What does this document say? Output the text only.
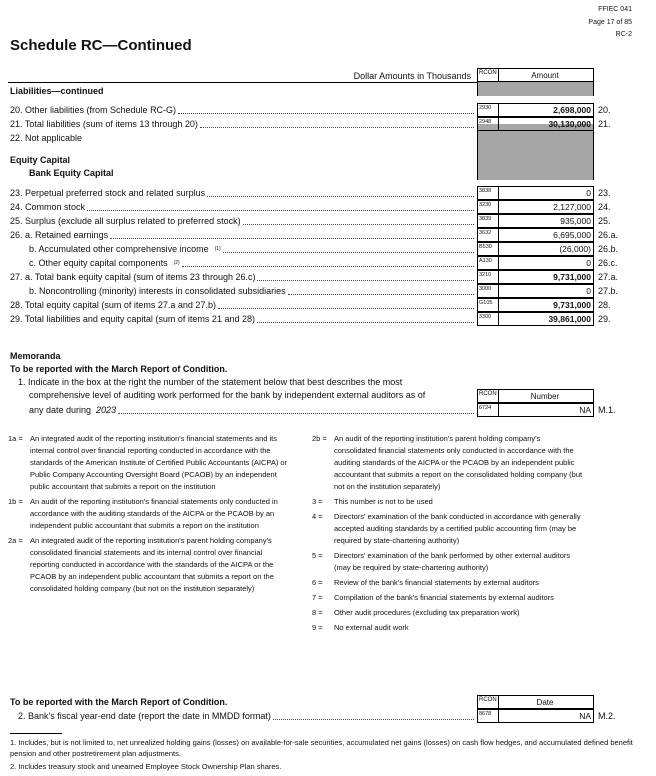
FFIEC 041
Page 17 of 85
RC-2
Schedule RC—Continued
Dollar Amounts in Thousands	RCON	Amount
Liabilities—continued
Equity Capital
Bank Equity Capital
20. Other liabilities (from Schedule RC-G)	2930	2,698,000 20.
21. Total liabilities (sum of items 13 through 20)	2948	30,130,000 21.
22. Not applicable
23. Perpetual preferred stock and related surplus	3838	0 23.
24. Common stock	3230	2,127,000 24.
25. Surplus (exclude all surplus related to preferred stock)	3839	935,000 25.
26. a. Retained earnings	3632	6,695,000 26.a.
b. Accumulated other comprehensive income	(1)	B530	(26,000) 26.b.
c. Other equity capital components	(2)	A130	0 26.c.
27. a. Total bank equity capital (sum of items 23 through 26.c)	3210	9,731,000 27.a.
b. Noncontrolling (minority) interests in consolidated subsidiaries	3000	0 27.b.
28. Total equity capital (sum of items 27.a and 27.b)	G105	9,731,000 28.
29. Total liabilities and equity capital (sum of items 21 and 28)	3300	39,861,000 29.
Memoranda
To be reported with the March Report of Condition.
1. Indicate in the box at the right the number of the statement below that best describes the most
comprehensive level of auditing work performed for the bank by independent external auditors as of
any date during 2023
RCON	Number
6724	NA M.1.
1a = An integrated audit of the reporting institution's financial statements and its internal control over financial reporting conducted in accordance with the standards of the American Institute of Certified Public Accountants (AICPA) or Public Company Accounting Oversight Board (PCAOB) by an independent public accountant that submits a report on the institution
1b = An audit of the reporting institution's financial statements only conducted in accordance with the auditing standards of the AICPA or the PCAOB by an independent public accountant that submits a report on the institution
2a = An integrated audit of the reporting institution's parent holding company's consolidated financial statements and its internal control over financial reporting conducted in accordance with the standards of the AICPA or the PCAOB by an independent public accountant that submits a report on the consolidated holding company (but not on the institution separately)
2b = An audit of the reporting institution's parent holding company's consolidated financial statements only conducted in accordance with the auditing standards of the AICPA or the PCAOB by an independent public accountant that submits a report on the consolidated holding company (but not on the institution separately)
3 = This number is not to be used
4 = Directors' examination of the bank conducted in accordance with generally accepted auditing standards by a certified public accounting firm (may be required by state-chartering authority)
5 = Directors' examination of the bank performed by other external auditors (may be required by state-chartering authority)
6 = Review of the bank's financial statements by external auditors
7 = Compilation of the bank's financial statements by external auditors
8 = Other audit procedures (excluding tax preparation work)
9 = No external audit work
To be reported with the March Report of Condition.
2. Bank's fiscal year-end date (report the date in MMDD format)
RCON	Date
8678	NA M.2.
1. Includes, but is not limited to, net unrealized holding gains (losses) on available-for-sale securities, accumulated net gains (losses) on cash flow hedges, and accumulated defined benefit pension and other postretirement plan adjustments.
2. Includes treasury stock and unearned Employee Stock Ownership Plan shares.
